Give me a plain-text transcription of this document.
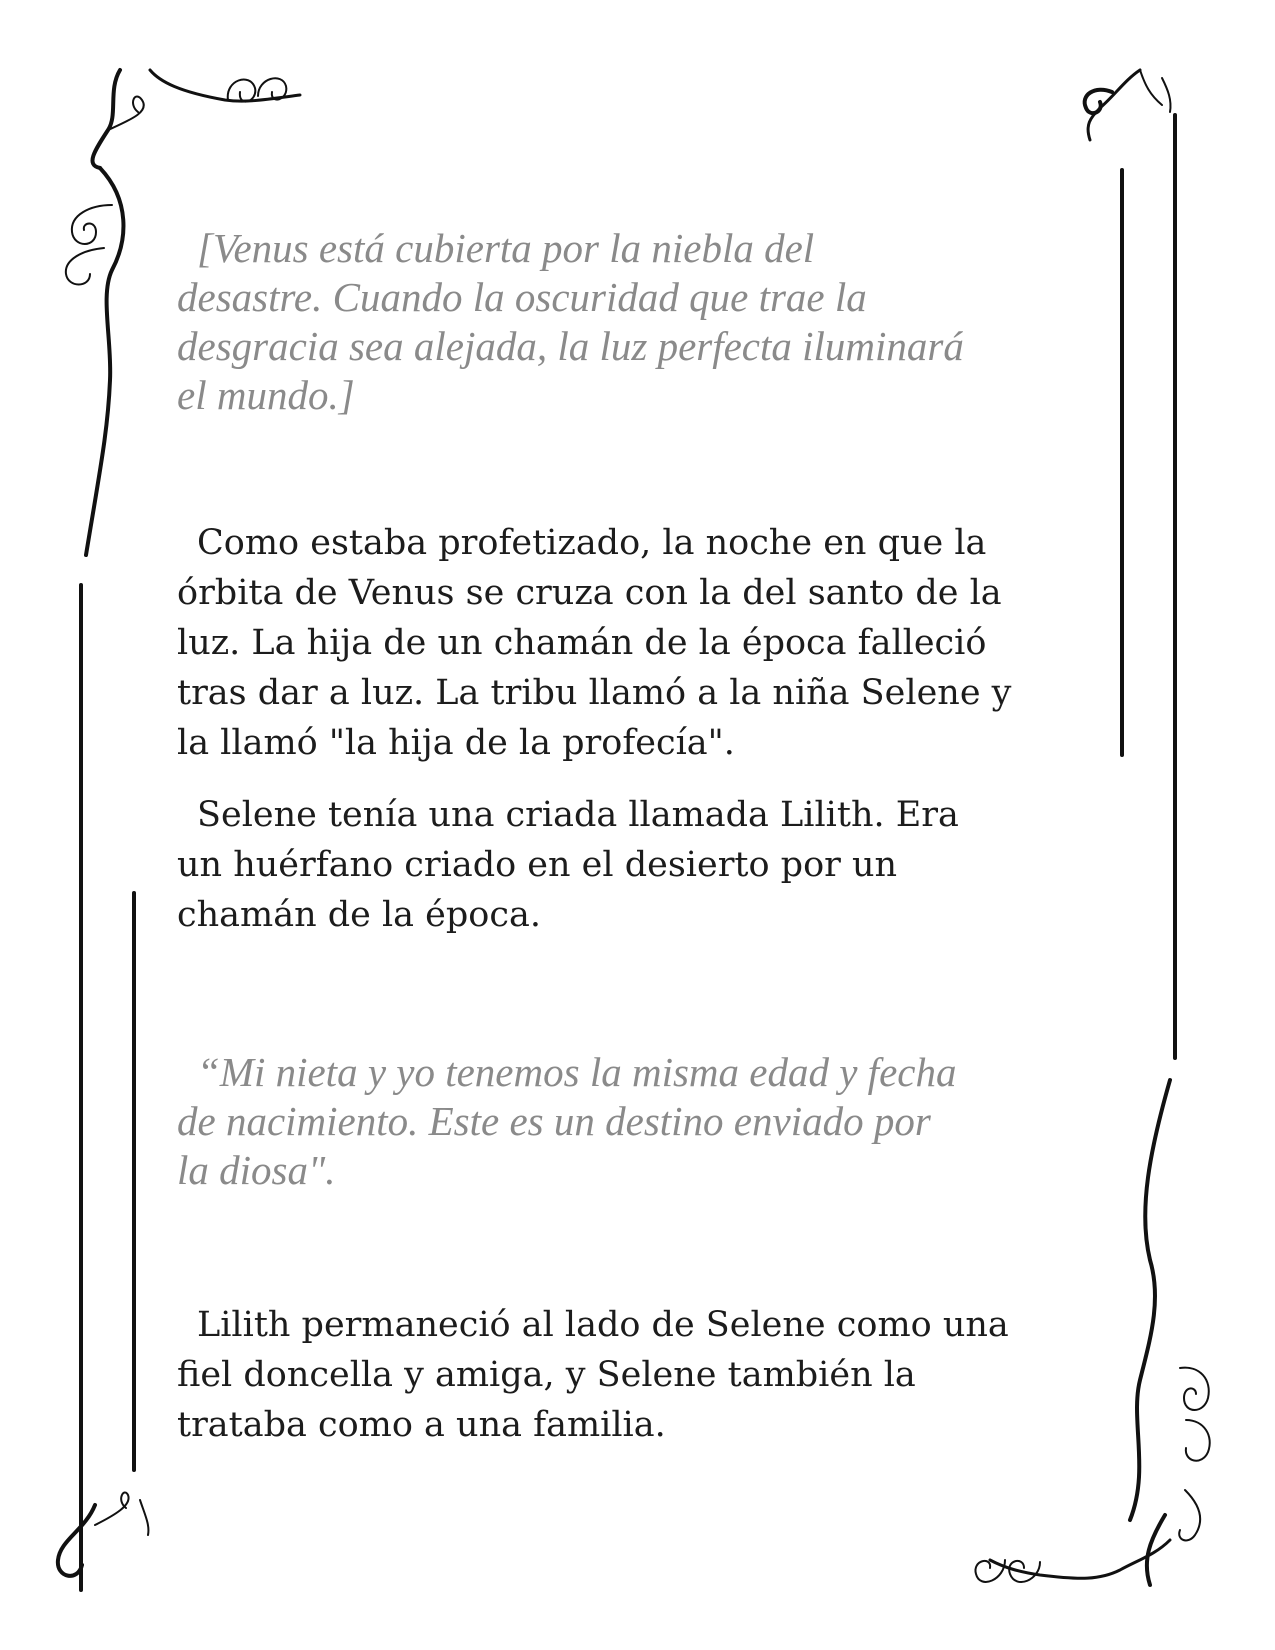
[Venus está cubierta por la niebla del
desastre. Cuando la oscuridad que trae la
desgracia sea alejada, la luz perfecta iluminará
el mundo.]

Como estaba profetizado, la noche en que la
órbita de Venus se cruza con la del santo de la
luz. La hija de un chamán de la época falleció
tras dar a luz. La tribu llamó a la niña Selene y
la llamó "la hija de la profecía".

Selene tenía una criada llamada Lilith. Era
un huérfano criado en el desierto por un
chamán de la época.

“Mi nieta y yo tenemos la misma edad y fecha
de nacimiento. Este es un destino enviado por
la diosa".

Lilith permaneció al lado de Selene como una
fiel doncella y amiga, y Selene también la
trataba como a una familia.
